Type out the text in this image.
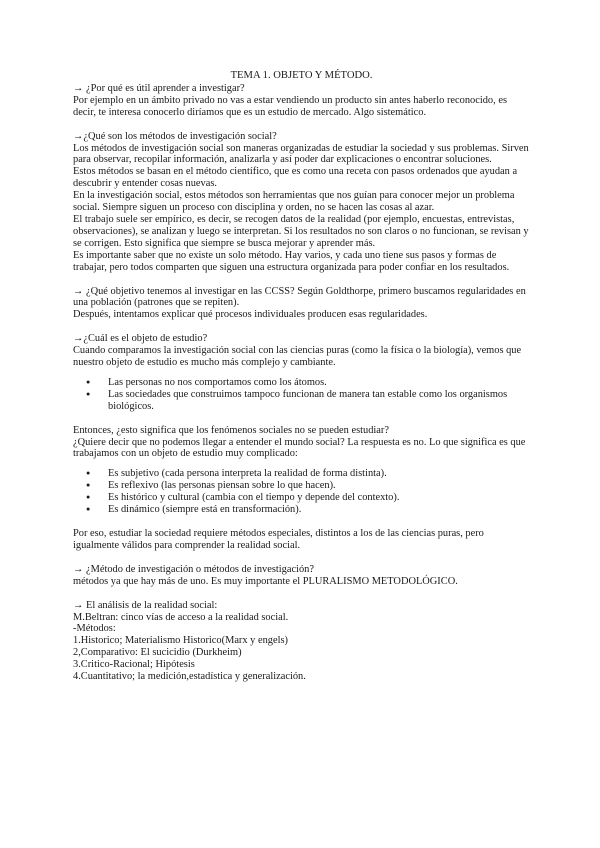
TEMA 1. OBJETO Y MÉTODO.

→ ¿Por qué es útil aprender a investigar?

Por ejemplo en un ámbito privado no vas a estar vendiendo un producto sin antes haberlo reconocido, es decir, te interesa conocerlo diríamos que es un estudio de mercado. Algo sistemático.

→¿Qué son los métodos de investigación social?

Los métodos de investigación social son maneras organizadas de estudiar la sociedad y sus problemas. Sirven para observar, recopilar información, analizarla y así poder dar explicaciones o encontrar soluciones.

Estos métodos se basan en el método científico, que es como una receta con pasos ordenados que ayudan a descubrir y entender cosas nuevas.

En la investigación social, estos métodos son herramientas que nos guían para conocer mejor un problema social. Siempre siguen un proceso con disciplina y orden, no se hacen las cosas al azar.

El trabajo suele ser empírico, es decir, se recogen datos de la realidad (por ejemplo, encuestas, entrevistas, observaciones), se analizan y luego se interpretan. Si los resultados no son claros o no funcionan, se revisan y se corrigen. Esto significa que siempre se busca mejorar y aprender más.

Es importante saber que no existe un solo método. Hay varios, y cada uno tiene sus pasos y formas de trabajar, pero todos comparten que siguen una estructura organizada para poder confiar en los resultados.

→ ¿Qué objetivo tenemos al investigar en las CCSS? Según Goldthorpe, primero buscamos regularidades en una población (patrones que se repiten).

Después, intentamos explicar qué procesos individuales producen esas regularidades.

→¿Cuál es el objeto de estudio?

Cuando comparamos la investigación social con las ciencias puras (como la física o la biología), vemos que nuestro objeto de estudio es mucho más complejo y cambiante.

● Las personas no nos comportamos como los átomos.
● Las sociedades que construimos tampoco funcionan de manera tan estable como los organismos biológicos.

Entonces, ¿esto significa que los fenómenos sociales no se pueden estudiar?

¿Quiere decir que no podemos llegar a entender el mundo social? La respuesta es no. Lo que significa es que trabajamos con un objeto de estudio muy complicado:

● Es subjetivo (cada persona interpreta la realidad de forma distinta).
● Es reflexivo (las personas piensan sobre lo que hacen).
● Es histórico y cultural (cambia con el tiempo y depende del contexto).
● Es dinámico (siempre está en transformación).

Por eso, estudiar la sociedad requiere métodos especiales, distintos a los de las ciencias puras, pero igualmente válidos para comprender la realidad social.

→ ¿Método de investigación o métodos de investigación?

métodos ya que hay más de uno. Es muy importante el PLURALISMO METODOLÓGICO.

→ El análisis de la realidad social:

M.Beltran: cinco vías de acceso a la realidad social.

-Métodos:

1.Historico; Materialismo Historico(Marx y engels)

2,Comparativo: El sucicidio (Durkheim)

3.Critico-Racional; Hipótesis

4.Cuantitativo; la medición,estadística y generalización.
